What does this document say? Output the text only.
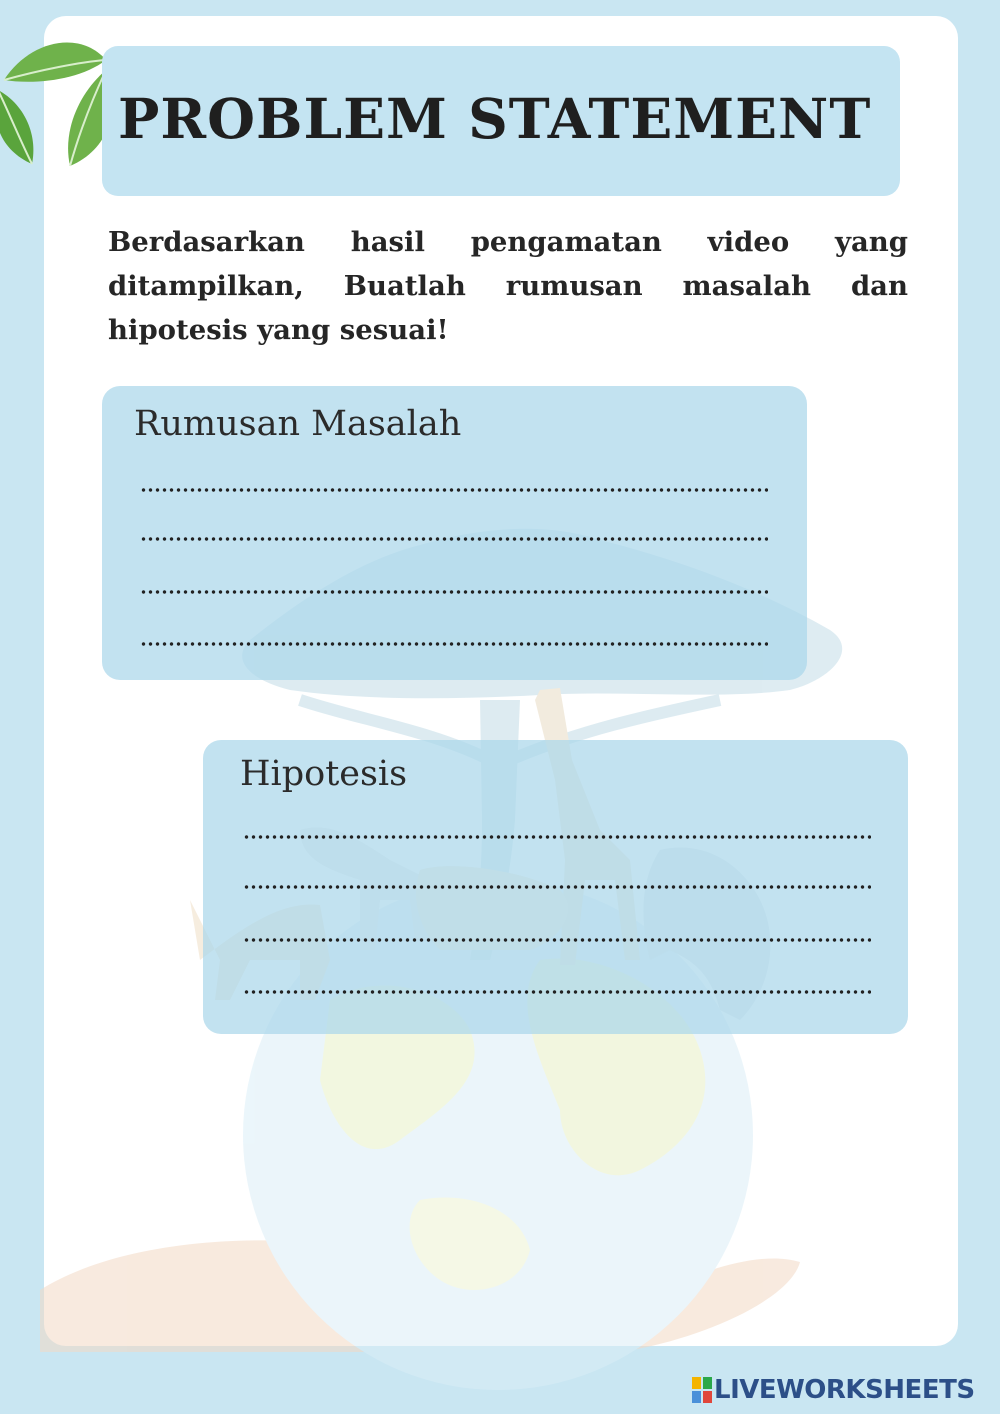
PROBLEM STATEMENT

Berdasarkan hasil pengamatan video yang ditampilkan, Buatlah rumusan masalah dan hipotesis yang sesuai!

Rumusan Masalah
Hipotesis
LIVEWORKSHEETS
